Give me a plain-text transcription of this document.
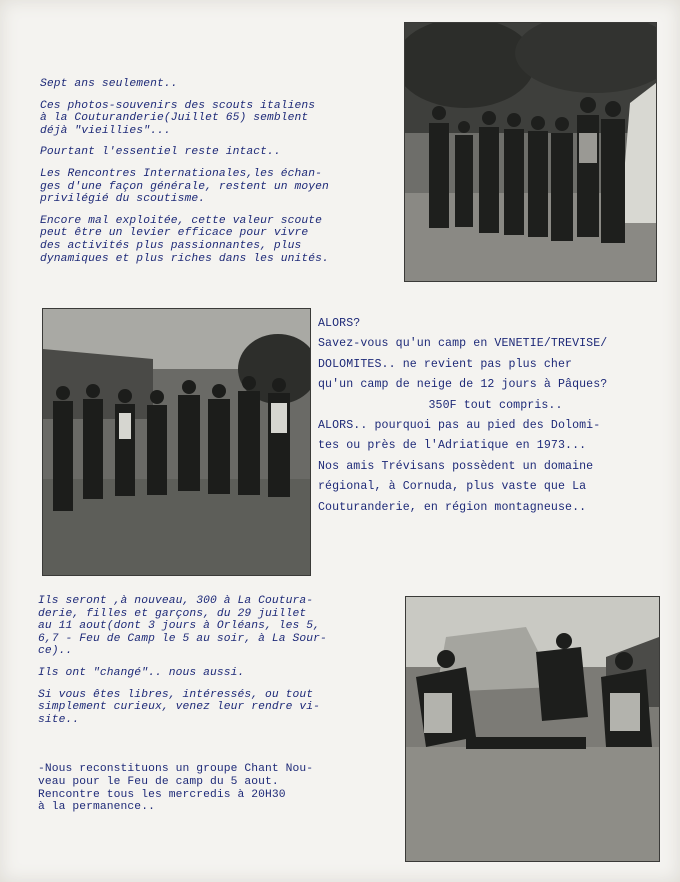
Sept ans seulement..

Ces photos-souvenirs des scouts italiens
à la Couturanderie(Juillet 65) semblent
déjà "vieillies"...

Pourtant l'essentiel reste intact..

Les Rencontres Internationales,les échan-
ges d'une façon générale, restent un moyen
privilégié du scoutisme.

Encore mal exploitée, cette valeur scoute
peut être un levier efficace pour vivre
des activités plus passionnantes, plus
dynamiques et plus riches dans les unités.

ALORS?

Savez-vous qu'un camp en VENETIE/TREVISE/

DOLOMITES.. ne revient pas plus cher

qu'un camp de neige de 12 jours à Pâques?

350F tout compris..

ALORS.. pourquoi pas au pied des Dolomi-

tes ou près de l'Adriatique en 1973...

Nos amis Trévisans possèdent un domaine

régional, à Cornuda, plus vaste que La

Couturanderie, en région montagneuse..

Ils seront ,à nouveau, 300 à La Coutura-
derie, filles et garçons, du 29 juillet
au 11 aout(dont 3 jours à Orléans, les 5,
6,7 - Feu de Camp le 5 au soir, à La Sour-
ce)..

Ils ont "changé".. nous aussi.

Si vous êtes libres, intéressés, ou tout
simplement curieux, venez leur rendre vi-
site..

-Nous reconstituons un groupe Chant Nou-
veau pour le Feu de camp du 5 aout.
Rencontre tous les mercredis à 20H30
à la permanence..
